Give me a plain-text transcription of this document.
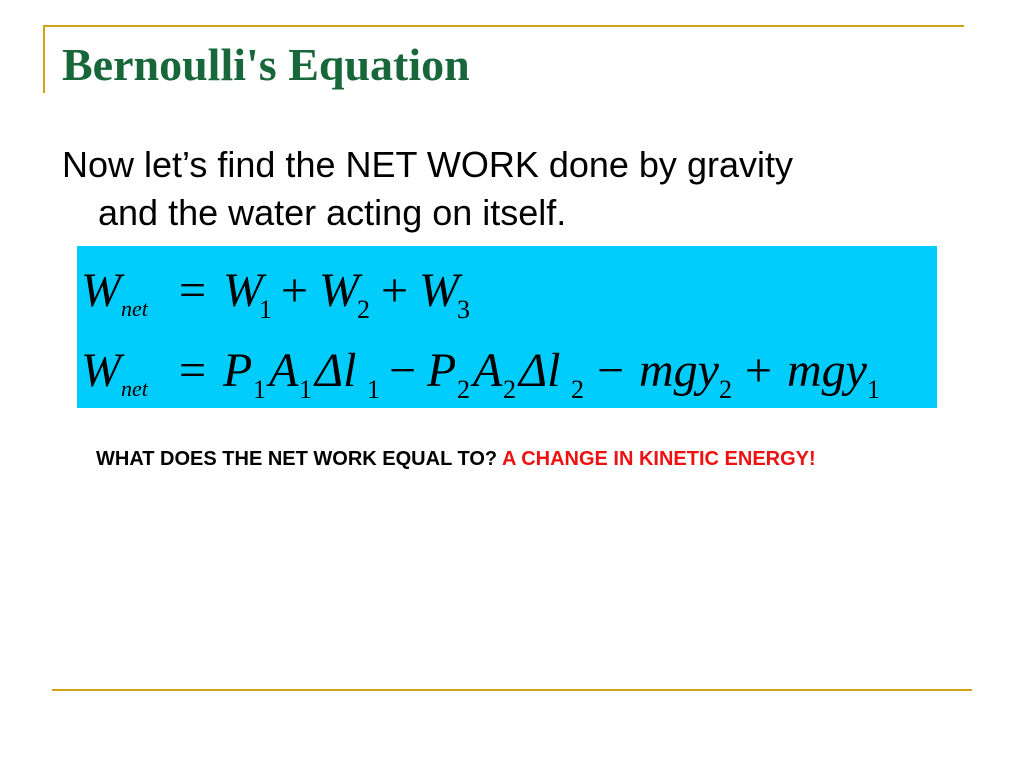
Bernoulli's Equation

Now let’s find the NET WORK done by gravity
and the water acting on itself.

W net = W
1 + W
2 + W
3
W net = P 1 A 1 Δl 1 − P 2 A 2 Δl 2 − mgy 2 + mgy 1

WHAT DOES THE NET WORK EQUAL TO? A CHANGE IN KINETIC ENERGY!
